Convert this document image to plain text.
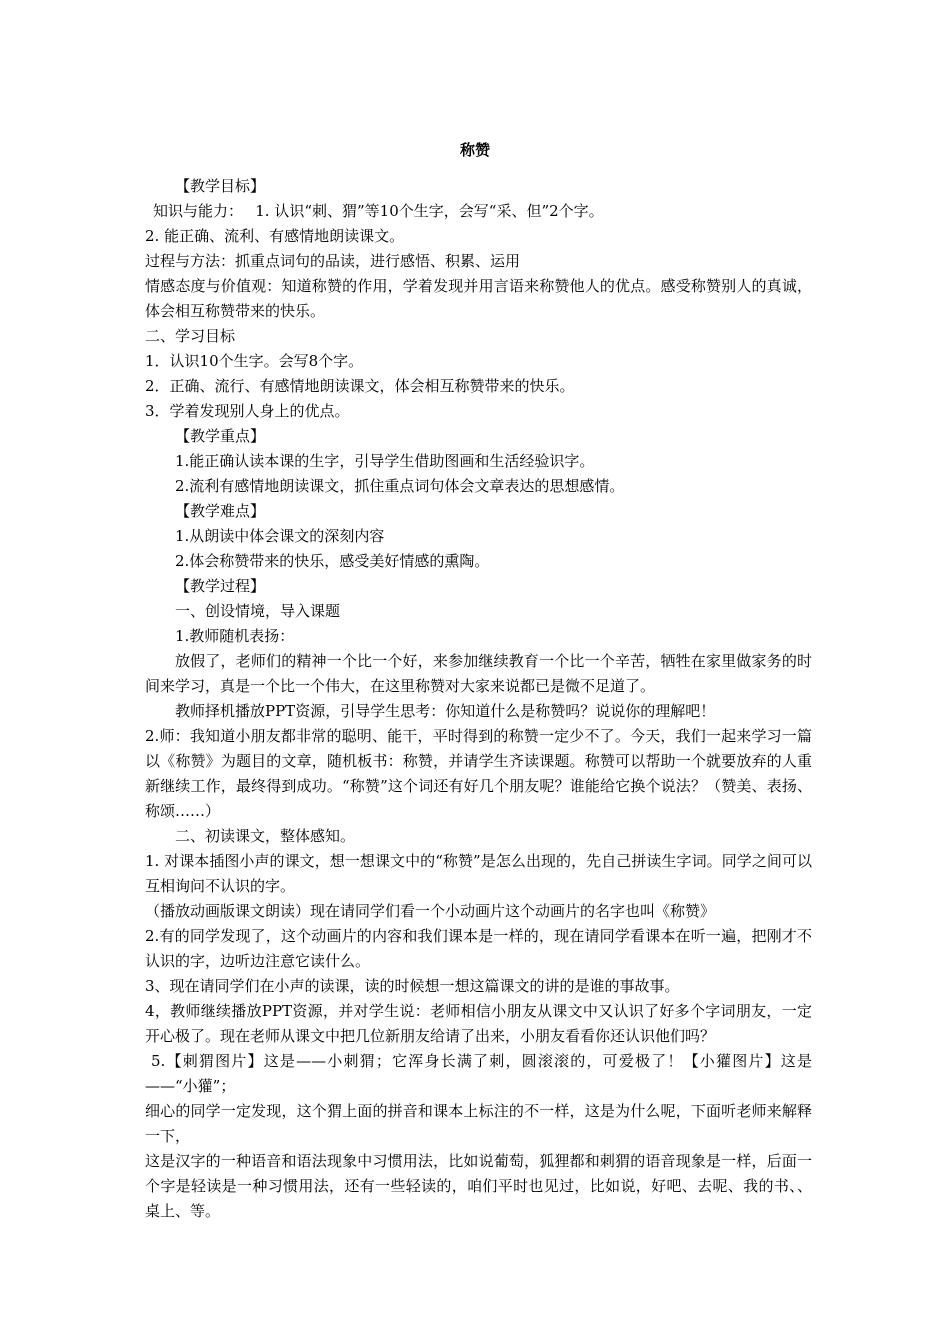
称赞

【教学目标】

知识与能力：　 1. 认识“刺、猬”等10个生字，会写“采、但”2个字。

2. 能正确、流利、有感情地朗读课文。

过程与方法：抓重点词句的品读，进行感悟、积累、运用

情感态度与价值观：知道称赞的作用，学着发现并用言语来称赞他人的优点。感受称赞别人的真诚，体会相互称赞带来的快乐。

二、学习目标

1．认识10个生字。会写8个字。

2．正确、流行、有感情地朗读课文，体会相互称赞带来的快乐。

3．学着发现别人身上的优点。

【教学重点】

1.能正确认读本课的生字，引导学生借助图画和生活经验识字。

2.流利有感情地朗读课文，抓住重点词句体会文章表达的思想感情。

【教学难点】

1.从朗读中体会课文的深刻内容

2.体会称赞带来的快乐，感受美好情感的熏陶。

【教学过程】

一、创设情境，导入课题

1.教师随机表扬：

放假了，老师们的精神一个比一个好，来参加继续教育一个比一个辛苦，牺牲在家里做家务的时间来学习，真是一个比一个伟大，在这里称赞对大家来说都已是微不足道了。

教师择机播放PPT资源，引导学生思考：你知道什么是称赞吗？说说你的理解吧！

2.师：我知道小朋友都非常的聪明、能干，平时得到的称赞一定少不了。今天，我们一起来学习一篇以《称赞》为题目的文章，随机板书：称赞，并请学生齐读课题。称赞可以帮助一个就要放弃的人重新继续工作，最终得到成功。“称赞”这个词还有好几个朋友呢？谁能给它换个说法？（赞美、表扬、称颂……）

二、初读课文，整体感知。

1. 对课本插图小声的课文，想一想课文中的“称赞”是怎么出现的，先自己拼读生字词。同学之间可以互相询问不认识的字。

（播放动画版课文朗读）现在请同学们看一个小动画片这个动画片的名字也叫《称赞》

2.有的同学发现了，这个动画片的内容和我们课本是一样的，现在请同学看课本在听一遍，把刚才不认识的字，边听边注意它读什么。

3、现在请同学们在小声的读课，读的时候想一想这篇课文的讲的是谁的事故事。

4，教师继续播放PPT资源，并对学生说：老师相信小朋友从课文中又认识了好多个字词朋友，一定开心极了。现在老师从课文中把几位新朋友给请了出来，小朋友看看你还认识他们吗？

5.【刺猬图片】这是——小刺猬；它浑身长满了刺，圆滚滚的，可爱极了！【小獾图片】这是——“小獾”；

细心的同学一定发现，这个猬上面的拼音和课本上标注的不一样，这是为什么呢，下面听老师来解释一下，

这是汉字的一种语音和语法现象中习惯用法，比如说葡萄，狐狸都和刺猬的语音现象是一样，后面一个字是轻读是一种习惯用法，还有一些轻读的，咱们平时也见过，比如说，好吧、去呢、我的书、、桌上、等。
